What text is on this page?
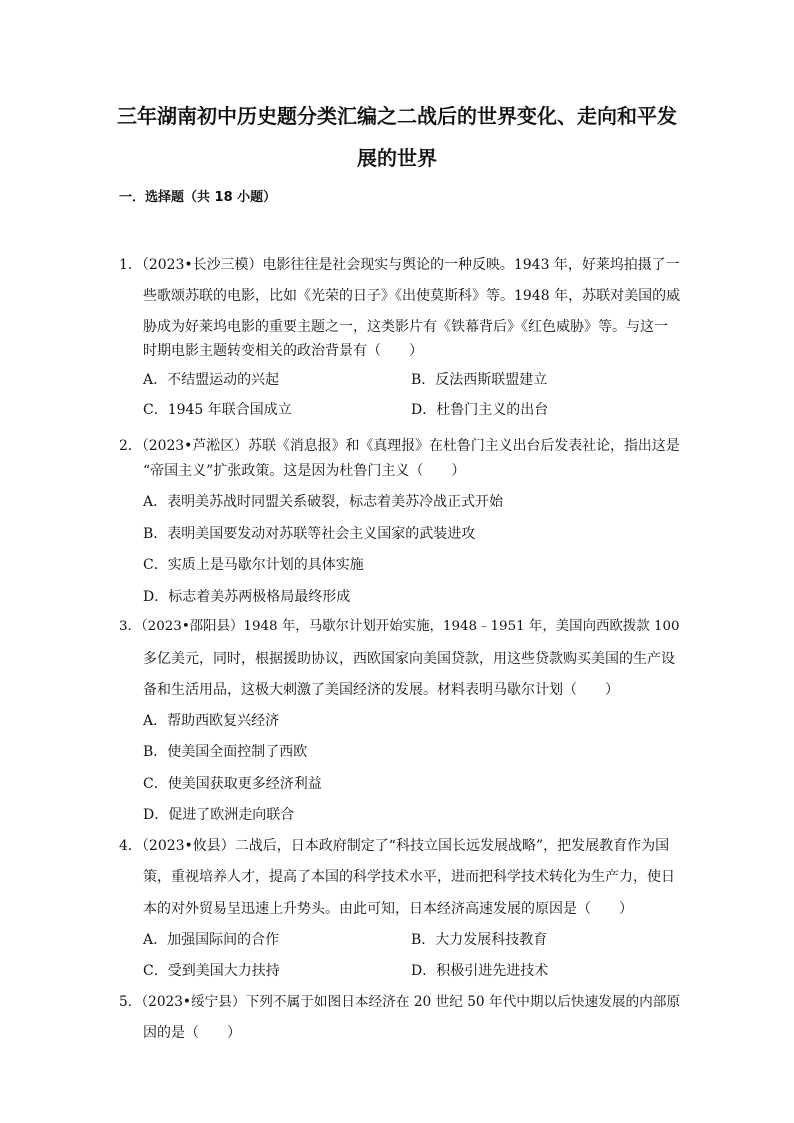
三年湖南初中历史题分类汇编之二战后的世界变化、走向和平发
展的世界
一．选择题（共 18 小题）
1．（2023•长沙三模）电影往往是社会现实与舆论的一种反映。1943 年，好莱坞拍摄了一
些歌颂苏联的电影，比如《光荣的日子》《出使莫斯科》等。1948 年，苏联对美国的威
胁成为好莱坞电影的重要主题之一，这类影片有《铁幕背后》《红色威胁》等。与这一
时期电影主题转变相关的政治背景有（　　）
A．不结盟运动的兴起	B．反法西斯联盟建立
C．1945 年联合国成立	D．杜鲁门主义的出台
2．（2023•芦淞区）苏联《消息报》和《真理报》在杜鲁门主义出台后发表社论，指出这是
“帝国主义”扩张政策。这是因为杜鲁门主义（　　）
A．表明美苏战时同盟关系破裂，标志着美苏冷战正式开始
B．表明美国要发动对苏联等社会主义国家的武装进攻
C．实质上是马歇尔计划的具体实施
D．标志着美苏两极格局最终形成
3．（2023•邵阳县）1948 年，马歇尔计划开始实施，1948﹣1951 年，美国向西欧拨款 100
多亿美元，同时，根据援助协议，西欧国家向美国贷款，用这些贷款购买美国的生产设
备和生活用品，这极大刺激了美国经济的发展。材料表明马歇尔计划（　　）
A．帮助西欧复兴经济
B．使美国全面控制了西欧
C．使美国获取更多经济利益
D．促进了欧洲走向联合
4．（2023•攸县）二战后，日本政府制定了“科技立国长远发展战略”，把发展教育作为国
策，重视培养人才，提高了本国的科学技术水平，进而把科学技术转化为生产力，使日
本的对外贸易呈迅速上升势头。由此可知，日本经济高速发展的原因是（　　）
A．加强国际间的合作	B．大力发展科技教育
C．受到美国大力扶持	D．积极引进先进技术
5．（2023•绥宁县）下列不属于如图日本经济在 20 世纪 50 年代中期以后快速发展的内部原
因的是（　　）
